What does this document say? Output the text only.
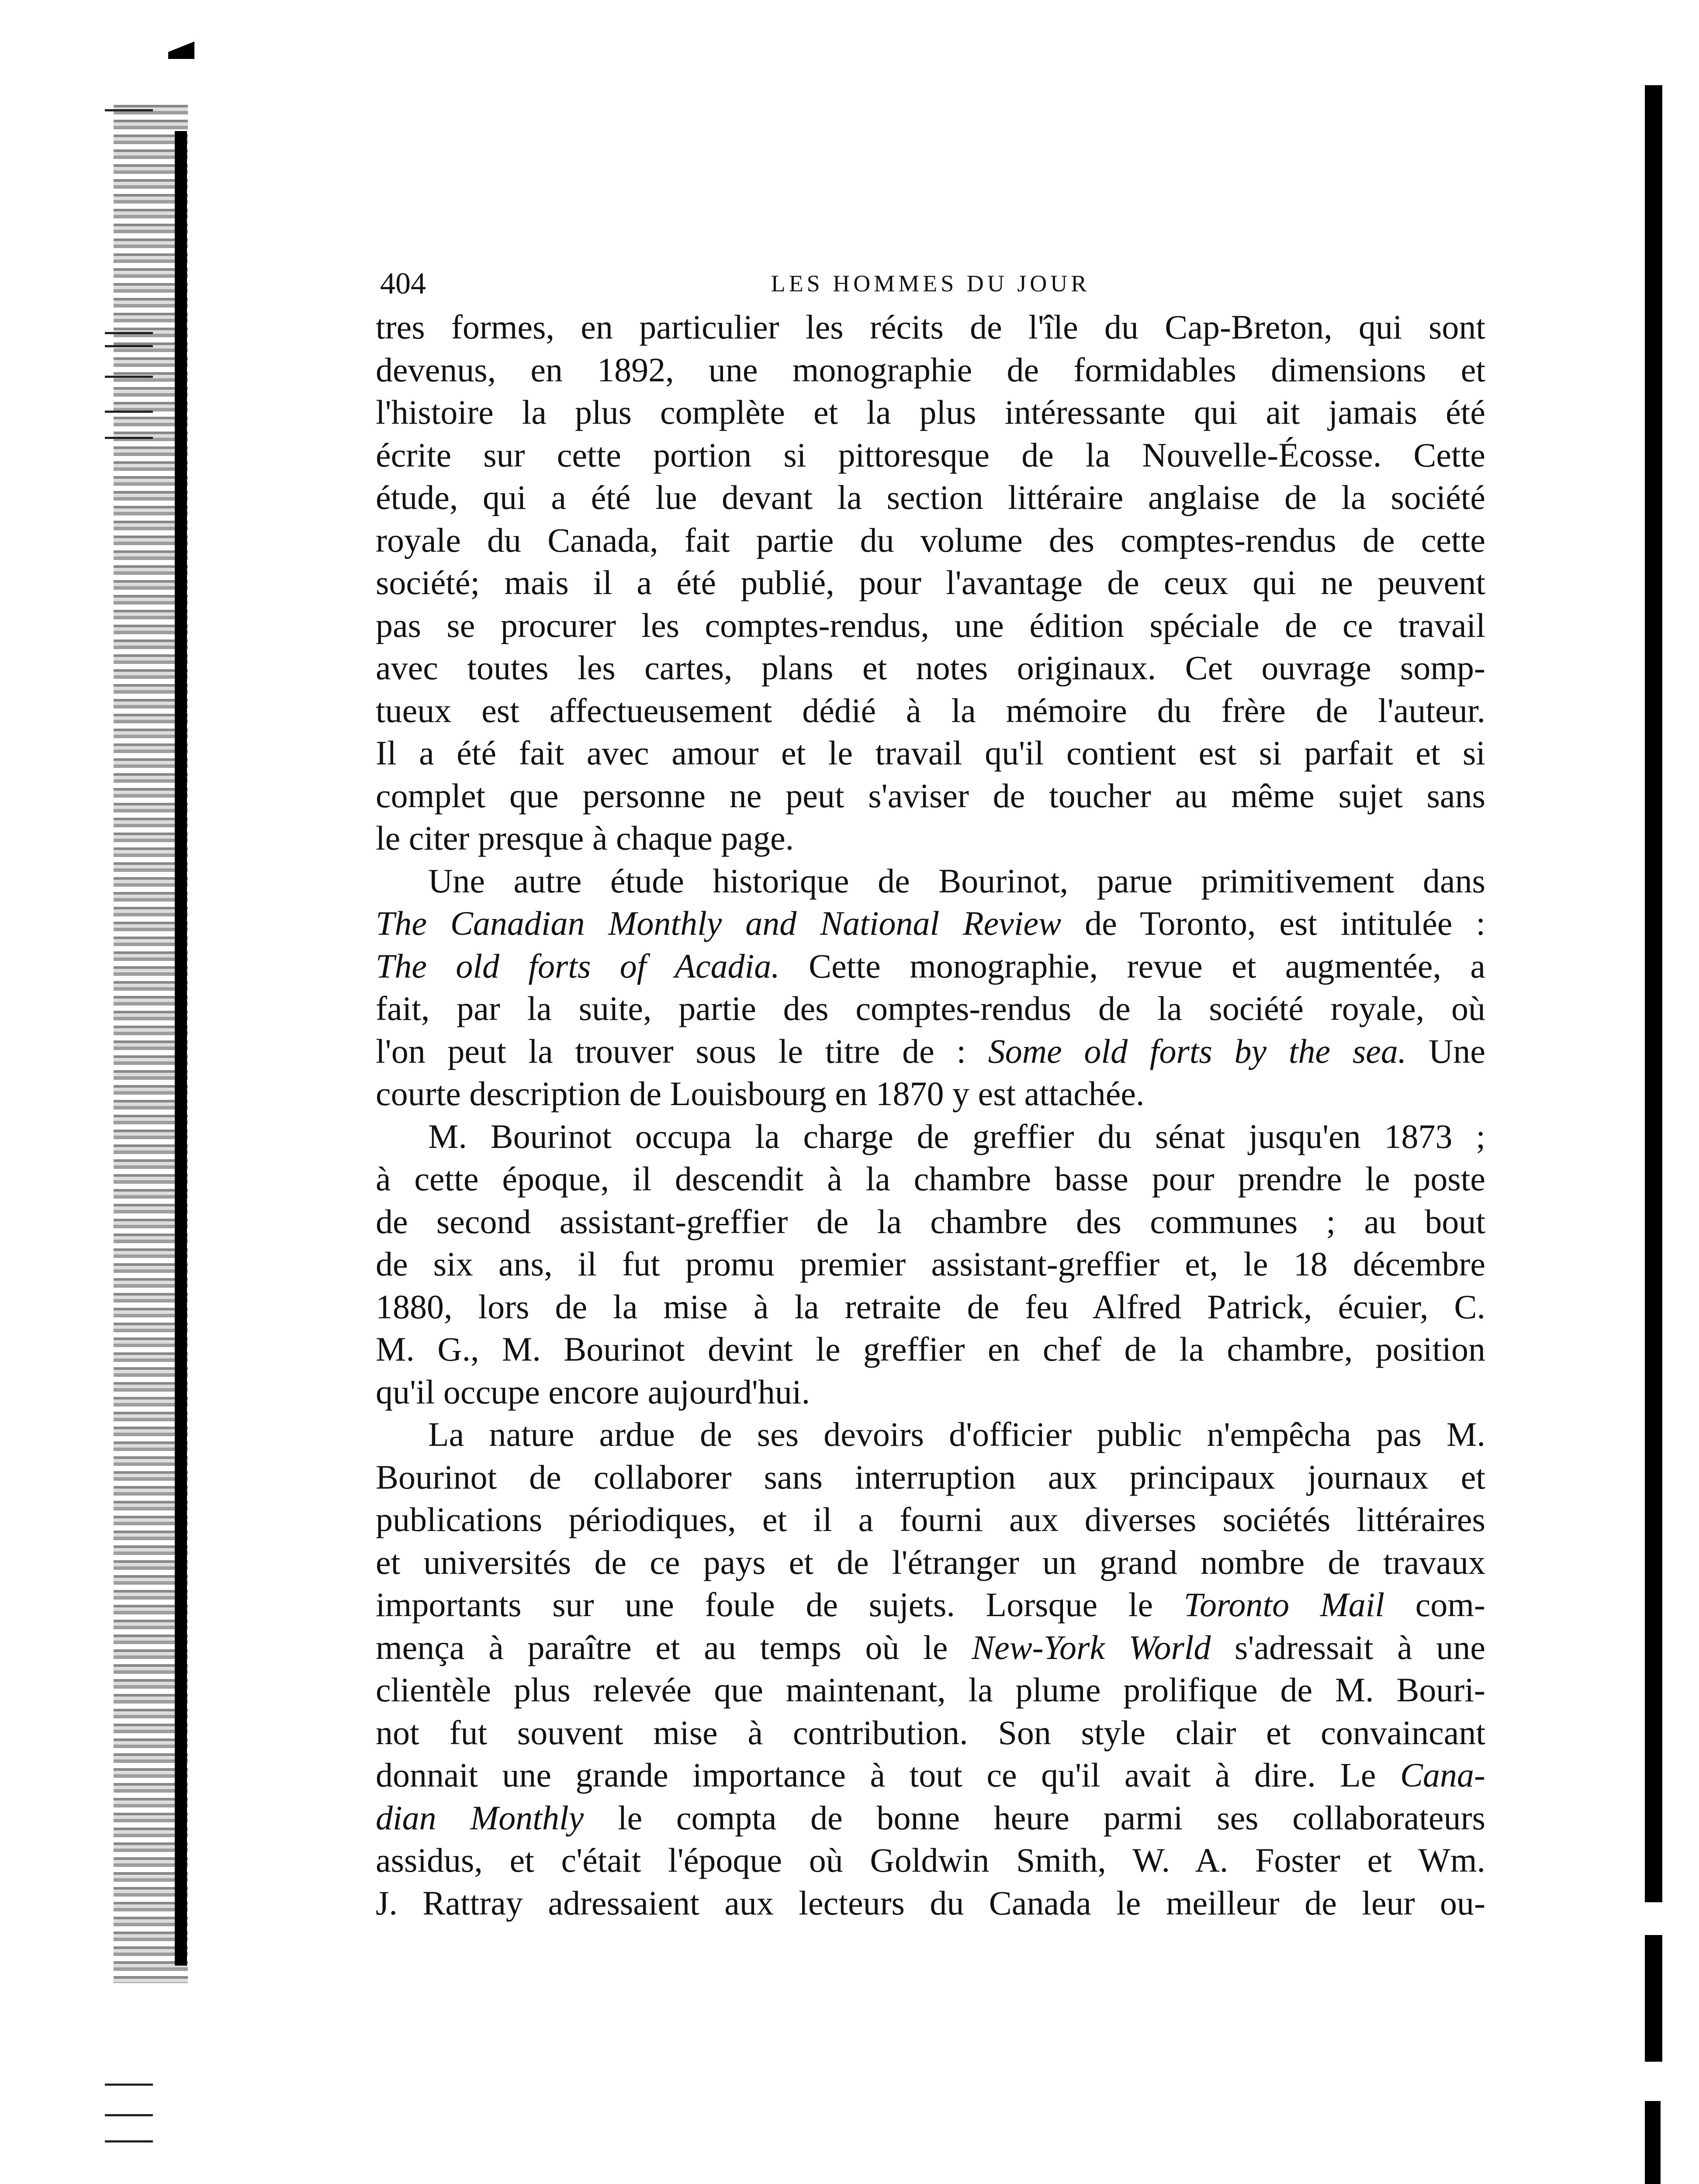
404	LES HOMMES DU JOUR
tres formes, en particulier les récits de l'île du Cap-Breton, qui sont
devenus, en 1892, une monographie de formidables dimensions et
l'histoire la plus complète et la plus intéressante qui ait jamais été
écrite sur cette portion si pittoresque de la Nouvelle-Écosse. Cette
étude, qui a été lue devant la section littéraire anglaise de la société
royale du Canada, fait partie du volume des comptes-rendus de cette
société; mais il a été publié, pour l'avantage de ceux qui ne peuvent
pas se procurer les comptes-rendus, une édition spéciale de ce travail
avec toutes les cartes, plans et notes originaux. Cet ouvrage somp-
tueux est affectueusement dédié à la mémoire du frère de l'auteur.
Il a été fait avec amour et le travail qu'il contient est si parfait et si
complet que personne ne peut s'aviser de toucher au même sujet sans
le citer presque à chaque page.
Une autre étude historique de Bourinot, parue primitivement dans
The Canadian Monthly and National Review de Toronto, est intitulée :
The old forts of Acadia. Cette monographie, revue et augmentée, a
fait, par la suite, partie des comptes-rendus de la société royale, où
l'on peut la trouver sous le titre de : Some old forts by the sea. Une
courte description de Louisbourg en 1870 y est attachée.
M. Bourinot occupa la charge de greffier du sénat jusqu'en 1873 ;
à cette époque, il descendit à la chambre basse pour prendre le poste
de second assistant-greffier de la chambre des communes ; au bout
de six ans, il fut promu premier assistant-greffier et, le 18 décembre
1880, lors de la mise à la retraite de feu Alfred Patrick, écuier, C.
M. G., M. Bourinot devint le greffier en chef de la chambre, position
qu'il occupe encore aujourd'hui.
La nature ardue de ses devoirs d'officier public n'empêcha pas M.
Bourinot de collaborer sans interruption aux principaux journaux et
publications périodiques, et il a fourni aux diverses sociétés littéraires
et universités de ce pays et de l'étranger un grand nombre de travaux
importants sur une foule de sujets. Lorsque le Toronto Mail com-
mença à paraître et au temps où le New-York World s'adressait à une
clientèle plus relevée que maintenant, la plume prolifique de M. Bouri-
not fut souvent mise à contribution. Son style clair et convaincant
donnait une grande importance à tout ce qu'il avait à dire. Le Cana-
dian Monthly le compta de bonne heure parmi ses collaborateurs
assidus, et c'était l'époque où Goldwin Smith, W. A. Foster et Wm.
J. Rattray adressaient aux lecteurs du Canada le meilleur de leur ou-
